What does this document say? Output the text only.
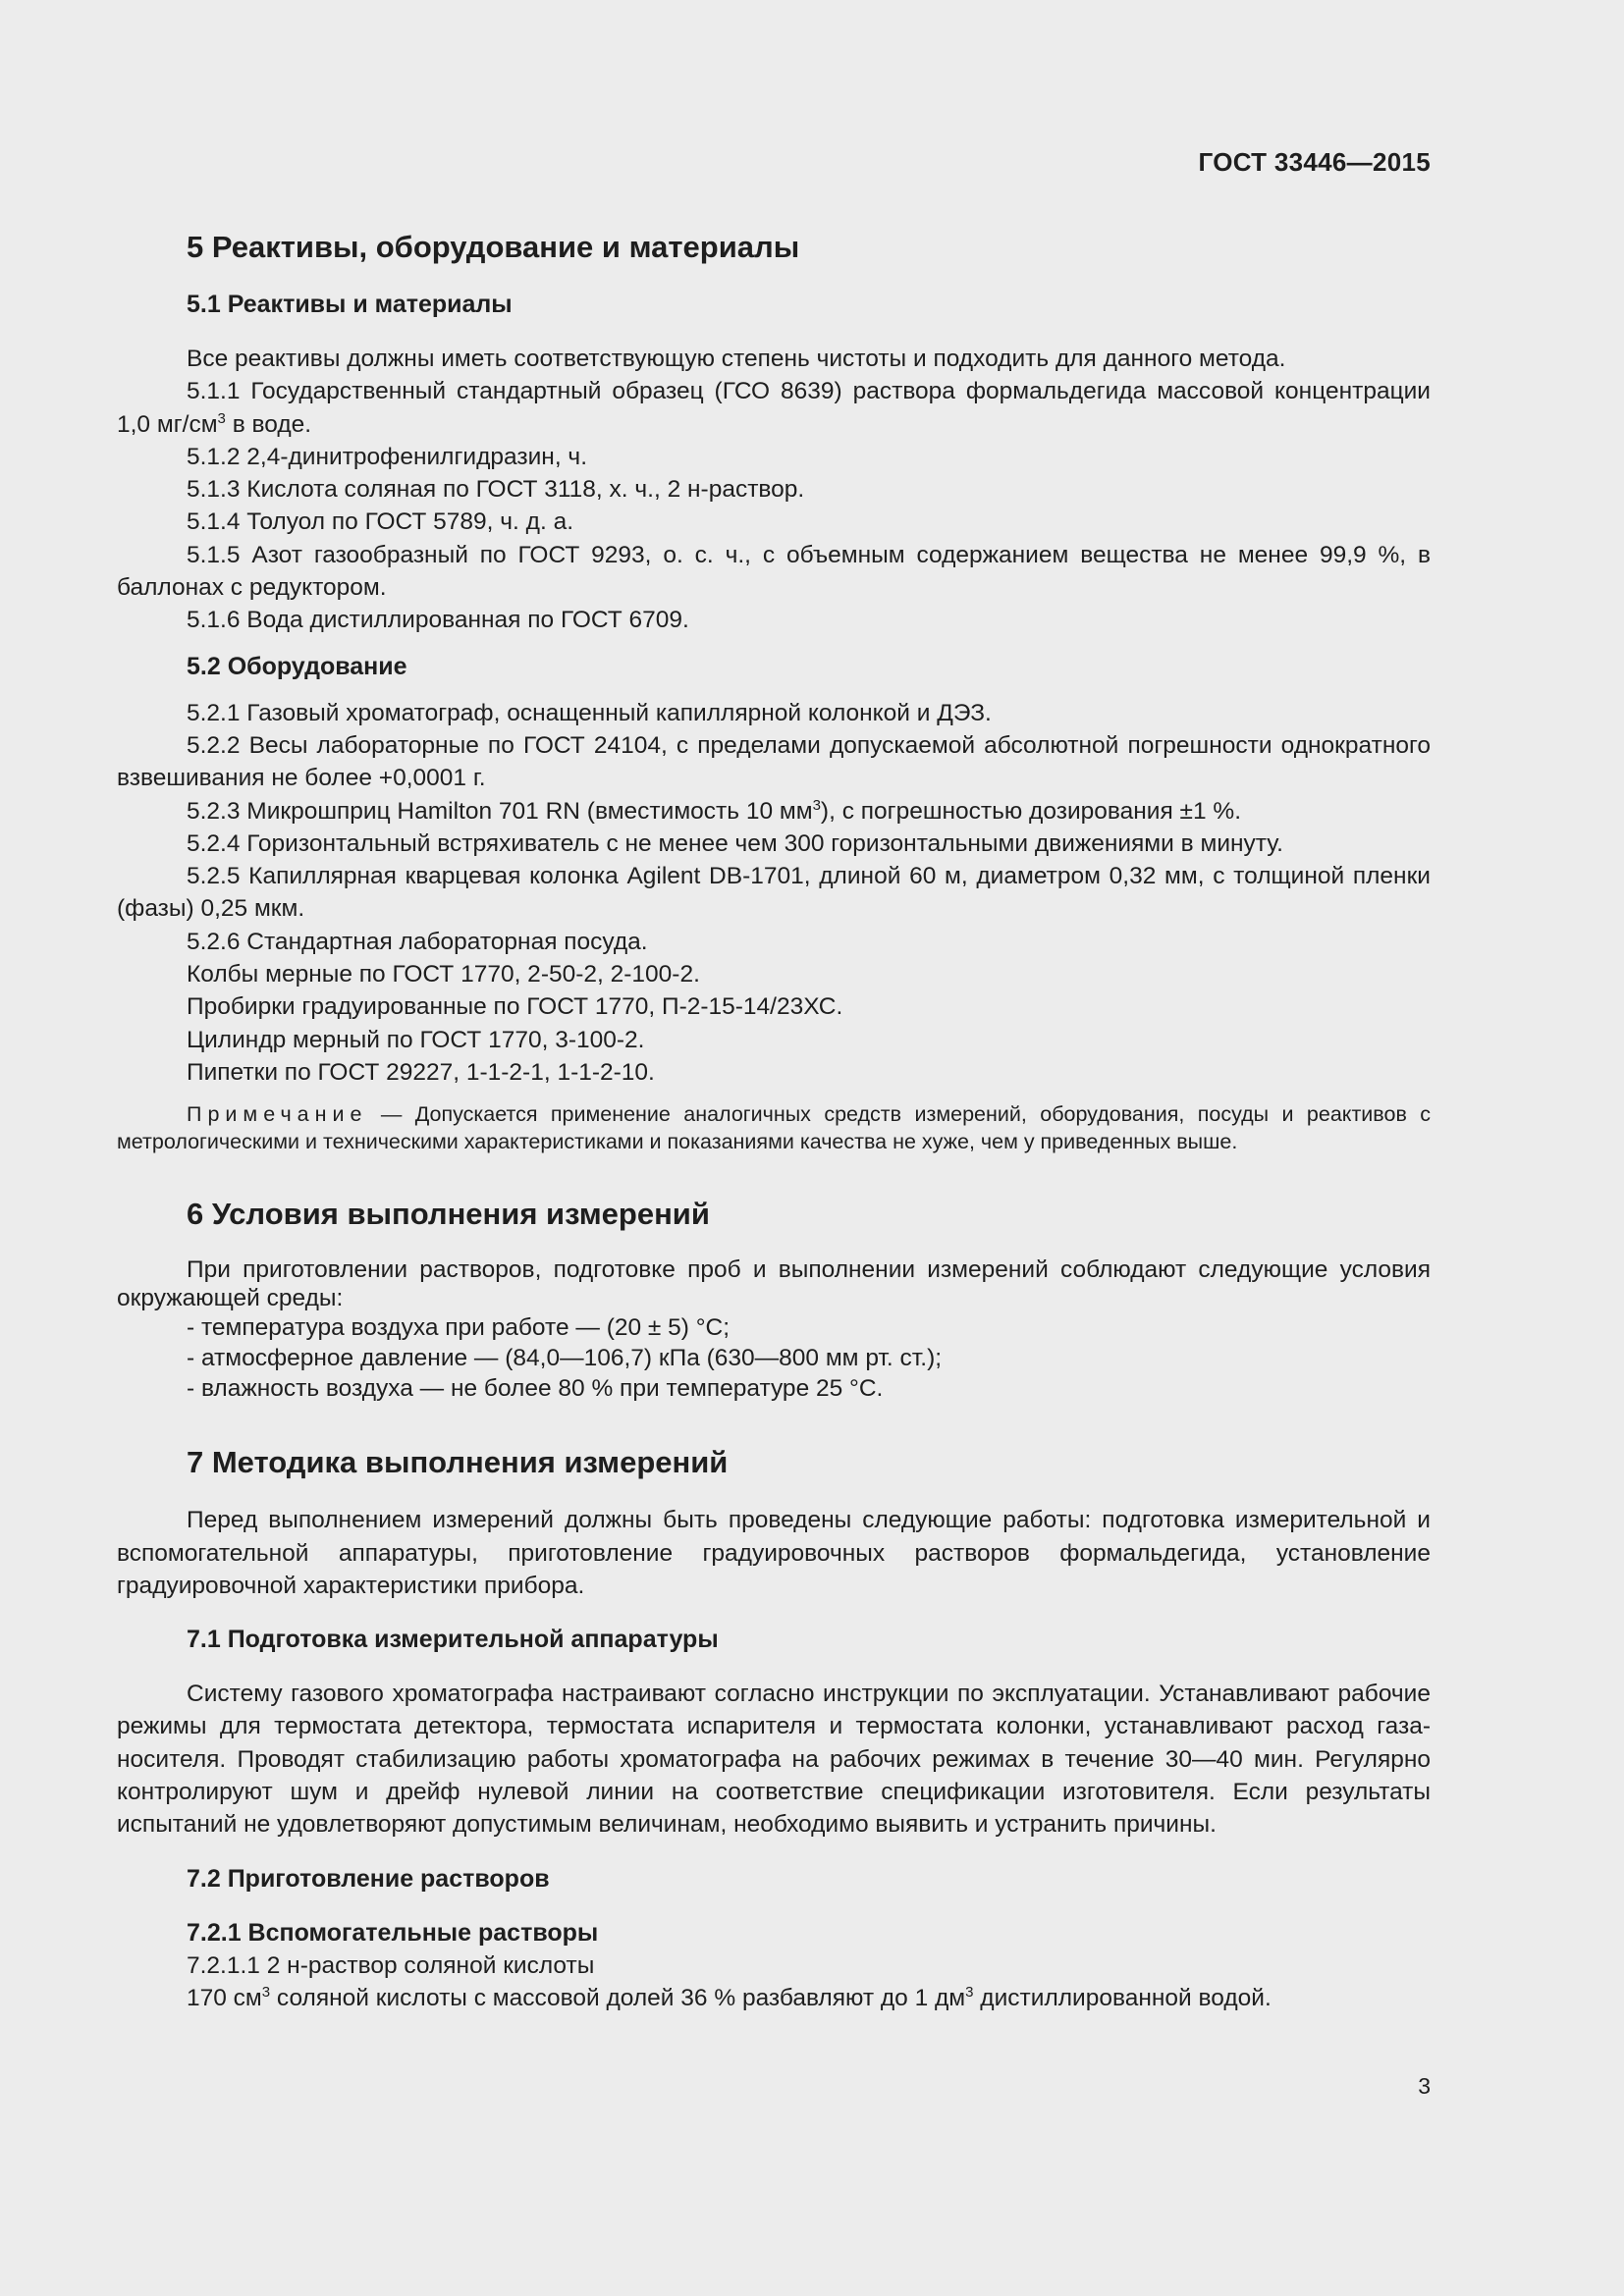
ГОСТ 33446—2015
5 Реактивы, оборудование и материалы
5.1 Реактивы и материалы

Все реактивы должны иметь соответствующую степень чистоты и подходить для данного метода.

5.1.1 Государственный стандартный образец (ГСО 8639) раствора формальдегида массовой концентрации 1,0 $мг/см^3$ в воде.

5.1.2 2,4-динитрофенилгидразин, ч.
5.1.3 Кислота соляная по ГОСТ 3118, х. ч., 2 н-раствор.
5.1.4 Толуол по ГОСТ 5789, ч. д. а.

5.1.5 Азот газообразный по ГОСТ 9293, о. с. ч., с объемным содержанием вещества не менее 99,9 %, в баллонах с редуктором.

5.1.6 Вода дистиллированная по ГОСТ 6709.
5.2 Оборудование
5.2.1 Газовый хроматограф, оснащенный капиллярной колонкой и ДЭЗ.

5.2.2 Весы лабораторные по ГОСТ 24104, с пределами допускаемой абсолютной погрешности однократного взвешивания не более +0,0001 г.

5.2.3 Микрошприц Hamilton 701 RN (вместимость 10 $мм^3$), с погрешностью дозирования ±1 %.
5.2.4 Горизонтальный встряхиватель с не менее чем 300 горизонтальными движениями в минуту.

5.2.5 Капиллярная кварцевая колонка Agilent DB-1701, длиной 60 м, диаметром 0,32 мм, с толщиной пленки (фазы) 0,25 мкм.

5.2.6 Стандартная лабораторная посуда.
Колбы мерные по ГОСТ 1770, 2-50-2, 2-100-2.
Пробирки градуированные по ГОСТ 1770, П-2-15-14/23ХС.
Цилиндр мерный по ГОСТ 1770, 3-100-2.
Пипетки по ГОСТ 29227, 1-1-2-1, 1-1-2-10.
Примечание — Допускается применение аналогичных средств измерений, оборудования, посуды и реактивов с метрологическими и техническими характеристиками и показаниями качества не хуже, чем у приведенных выше.
6 Условия выполнения измерений

При приготовлении растворов, подготовке проб и выполнении измерений соблюдают следующие условия окружающей среды:

- температура воздуха при работе — (20 ± 5) °С;
- атмосферное давление — (84,0—106,7) кПа (630—800 мм рт. ст.);
- влажность воздуха — не более 80 % при температуре 25 °С.
7 Методика выполнения измерений

Перед выполнением измерений должны быть проведены следующие работы: подготовка измерительной и вспомогательной аппаратуры, приготовление градуировочных растворов формальдегида, установление градуировочной характеристики прибора.

7.1 Подготовка измерительной аппаратуры

Систему газового хроматографа настраивают согласно инструкции по эксплуатации. Устанавливают рабочие режимы для термостата детектора, термостата испарителя и термостата колонки, устанавливают расход газа-носителя. Проводят стабилизацию работы хроматографа на рабочих режимах в течение 30—40 мин. Регулярно контролируют шум и дрейф нулевой линии на соответствие спецификации изготовителя. Если результаты испытаний не удовлетворяют допустимым величинам, необходимо выявить и устранить причины.

7.2 Приготовление растворов
7.2.1 Вспомогательные растворы
7.2.1.1 2 н-раствор соляной кислоты
170 $см^3$ соляной кислоты с массовой долей 36 % разбавляют до 1 $дм^3$ дистиллированной водой.
3
